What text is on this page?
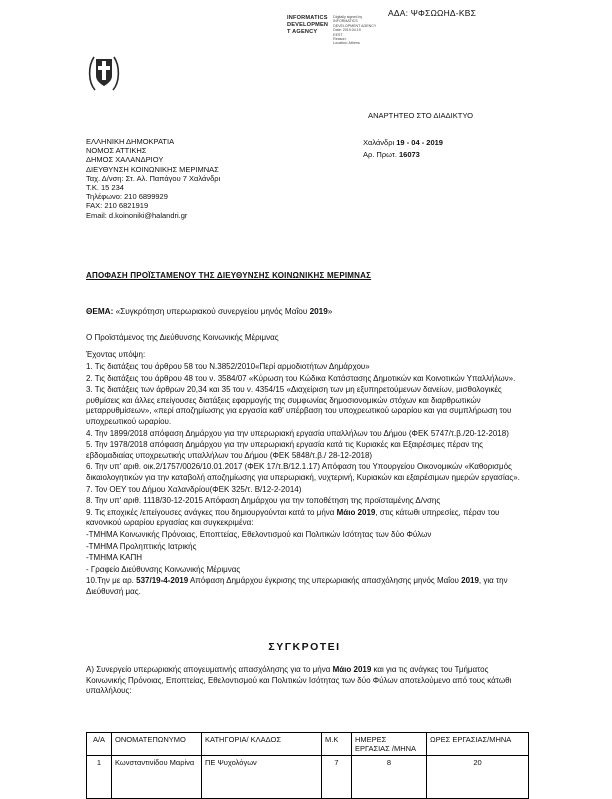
ΑΔΑ: ΨΦΣΩΩΗΔ-ΚΒΣ
INFORMATICS
DEVELOPMEN
T AGENCY
Digitally signed by
INFORMATICS
DEVELOPMENT AGENCY
Date: 2019.04.19
EEST
Reason:
Location: Athens
ΑΝΑΡΤΗΤΕΟ ΣΤΟ ΔΙΑΔΙΚΤΥΟ
ΕΛΛΗΝΙΚΗ ΔΗΜΟΚΡΑΤΙΑ
ΝΟΜΟΣ ΑΤΤΙΚΗΣ
ΔΗΜΟΣ ΧΑΛΑΝΔΡΙΟΥ
ΔΙΕΥΘΥΝΣΗ ΚΟΙΝΩΝΙΚΗΣ ΜΕΡΙΜΝΑΣ
Ταχ. Δ/νση: Στ. Αλ. Παπάγου 7 Χαλάνδρι
Τ.Κ. 15 234
Τηλέφωνο: 210 6899929
FAX: 210 6821919
Email: d.koinoniki@halandri.gr
Χαλάνδρι 19 - 04 - 2019
Αρ. Πρωτ. 16073
ΑΠΟΦΑΣΗ ΠΡΟΪΣΤΑΜΕΝΟΥ ΤΗΣ ΔΙΕΥΘΥΝΣΗΣ ΚΟΙΝΩΝΙΚΗΣ ΜΕΡΙΜΝΑΣ
ΘΕΜΑ: «Συγκρότηση υπερωριακού συνεργείου μηνός Μαΐου 2019»
Ο Προϊστάμενος της Διεύθυνσης Κοινωνικής Μέριμνας
Έχοντας υπόψη:
1. Τις διατάξεις του άρθρου 58 του Ν.3852/2010«Περί αρμοδιοτήτων Δημάρχου»
2. Τις διατάξεις του άρθρου 48 του ν. 3584/07 «Κύρωση του Κώδικα Κατάστασης Δημοτικών και Κοινοτικών Υπαλλήλων».
3. Τις διατάξεις των άρθρων 20,34 και 35 του ν. 4354/15 «Διαχείριση των μη εξυπηρετούμενων δανείων, μισθολογικές ρυθμίσεις και άλλες επείγουσες διατάξεις εφαρμογής της συμφωνίας δημοσιονομικών στόχων και διαρθρωτικών μεταρρυθμίσεων», «περί αποζημίωσης για εργασία καθ' υπέρβαση του υποχρεωτικού ωραρίου και για συμπλήρωση του υποχρεωτικού ωραρίου.
4. Την 1899/2018 απόφαση Δημάρχου για την υπερωριακή εργασία υπαλλήλων του Δήμου (ΦΕΚ 5747/τ.β./20-12-2018)
5. Την 1978/2018 απόφαση Δημάρχου για την υπερωριακή εργασία κατά τις Κυριακές και Εξαιρέσιμες πέραν της εβδομαδιαίας υποχρεωτικής υπαλλήλων του Δήμου (ΦΕΚ 5848/τ.β./ 28-12-2018)
6. Την υπ' αριθ. οικ.2/1757/0026/10.01.2017 (ΦΕΚ 17/τ.Β/12.1.17) Απόφαση του Υπουργείου Οικονομικών «Καθορισμός δικαιολογητικών για την καταβολή αποζημίωσης για υπερωριακή, νυχτερινή, Κυριακών και εξαιρέσιμων ημερών εργασίας».
7. Τον ΟΕΥ του Δήμου Χαλανδρίου(ΦΕΚ 325/τ. Β/12-2-2014)
8. Την υπ' αριθ. 1118/30-12-2015 Απόφαση Δημάρχου για την τοποθέτηση της προϊσταμένης Δ/νσης
9. Τις εποχικές /επείγουσες ανάγκες που δημιουργούνται κατά το μήνα Μάιο 2019, στις κάτωθι υπηρεσίες, πέραν του κανονικού ωραρίου εργασίας και συγκεκριμένα:
-ΤΜΗΜΑ Κοινωνικής Πρόνοιας, Εποπτείας, Εθελοντισμού και Πολιτικών Ισότητας των δύο Φύλων
-ΤΜΗΜΑ Προληπτικής Ιατρικής
-ΤΜΗΜΑ ΚΑΠΗ
- Γραφείο Διεύθυνσης Κοινωνικής Μέριμνας
10.Την με αρ. 537/19-4-2019 Απόφαση Δημάρχου έγκρισης της υπερωριακής απασχόλησης μηνός Μαΐου 2019, για την Διεύθυνσή μας.
ΣΥΓΚΡΟΤΕΙ
Α) Συνεργείο υπερωριακής απογευματινής απασχόλησης για το μήνα Μάιο 2019 και για τις ανάγκες του Τμήματος Κοινωνικής Πρόνοιας, Εποπτείας, Εθελοντισμού και Πολιτικών Ισότητας των δύο Φύλων αποτελούμενο από τους κάτωθι υπαλλήλους:
Α/Α	ΟΝΟΜΑΤΕΠΩΝΥΜΟ	ΚΑΤΗΓΟΡΙΑ/ ΚΛΑΔΟΣ	Μ.Κ	ΗΜΕΡΕΣ ΕΡΓΑΣΙΑΣ /ΜΗΝΑ	ΩΡΕΣ ΕΡΓΑΣΙΑΣ/ΜΗΝΑ
1	Κωνσταντινίδου Μαρίνα	ΠΕ Ψυχολόγων	7	8	20
